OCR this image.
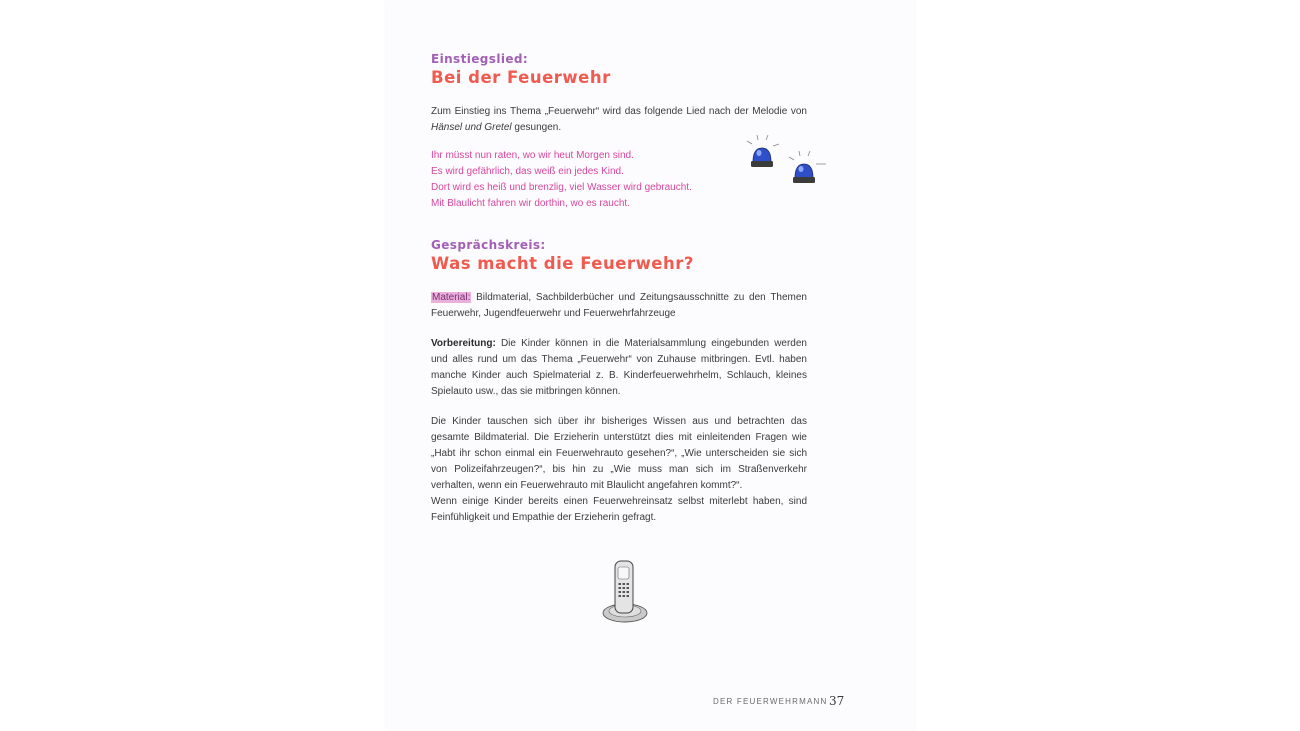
Einstiegslied:

Bei der Feuerwehr

Zum Einstieg ins Thema „Feuerwehr“ wird das folgende Lied nach der Melodie von Hänsel und Gretel gesungen.

Ihr müsst nun raten, wo wir heut Morgen sind.

Es wird gefährlich, das weiß ein jedes Kind.

Dort wird es heiß und brenzlig, viel Wasser wird gebraucht.

Mit Blaulicht fahren wir dorthin, wo es raucht.

Gesprächskreis:

Was macht die Feuerwehr?

Material: Bildmaterial, Sachbilderbücher und Zeitungsausschnitte zu den Themen Feuerwehr, Jugendfeuerwehr und Feuerwehrfahrzeuge

Vorbereitung: Die Kinder können in die Materialsammlung eingebunden werden und alles rund um das Thema „Feuerwehr“ von Zuhause mitbringen. Evtl. haben manche Kinder auch Spielmaterial z. B. Kinderfeuerwehrhelm, Schlauch, kleines Spielauto usw., das sie mitbringen können.

Die Kinder tauschen sich über ihr bisheriges Wissen aus und betrachten das gesamte Bildmaterial. Die Erzieherin unterstützt dies mit einleitenden Fragen wie „Habt ihr schon einmal ein Feuerwehrauto gesehen?“, „Wie unterscheiden sie sich von Polizeifahrzeugen?“, bis hin zu „Wie muss man sich im Straßenverkehr verhalten, wenn ein Feuerwehrauto mit Blaulicht angefahren kommt?“.

Wenn einige Kinder bereits einen Feuerwehreinsatz selbst miterlebt haben, sind Feinfühligkeit und Empathie der Erzieherin gefragt.

DER FEUERWEHRMANN 37
